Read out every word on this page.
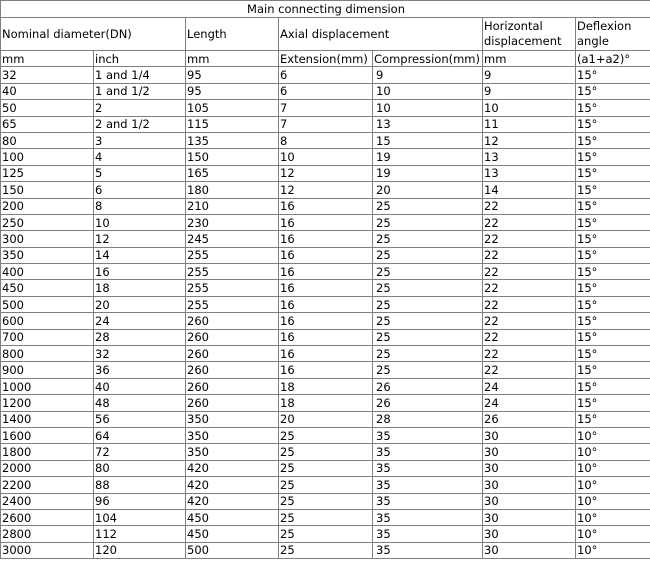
Main connecting dimension						
Nominal diameter(DN)		Length	Axial displacement		Horizontal displacement	Deflexion angle
mm	inch	mm	Extension(mm)	Compression(mm)	mm	(a1+a2)°
32	1 and 1/4	95	6	9	9	15°
40	1 and 1/2	95	6	10	9	15°
50	2	105	7	10	10	15°
65	2 and 1/2	115	7	13	11	15°
80	3	135	8	15	12	15°
100	4	150	10	19	13	15°
125	5	165	12	19	13	15°
150	6	180	12	20	14	15°
200	8	210	16	25	22	15°
250	10	230	16	25	22	15°
300	12	245	16	25	22	15°
350	14	255	16	25	22	15°
400	16	255	16	25	22	15°
450	18	255	16	25	22	15°
500	20	255	16	25	22	15°
600	24	260	16	25	22	15°
700	28	260	16	25	22	15°
800	32	260	16	25	22	15°
900	36	260	16	25	22	15°
1000	40	260	18	26	24	15°
1200	48	260	18	26	24	15°
1400	56	350	20	28	26	15°
1600	64	350	25	35	30	10°
1800	72	350	25	35	30	10°
2000	80	420	25	35	30	10°
2200	88	420	25	35	30	10°
2400	96	420	25	35	30	10°
2600	104	450	25	35	30	10°
2800	112	450	25	35	30	10°
3000	120	500	25	35	30	10°
